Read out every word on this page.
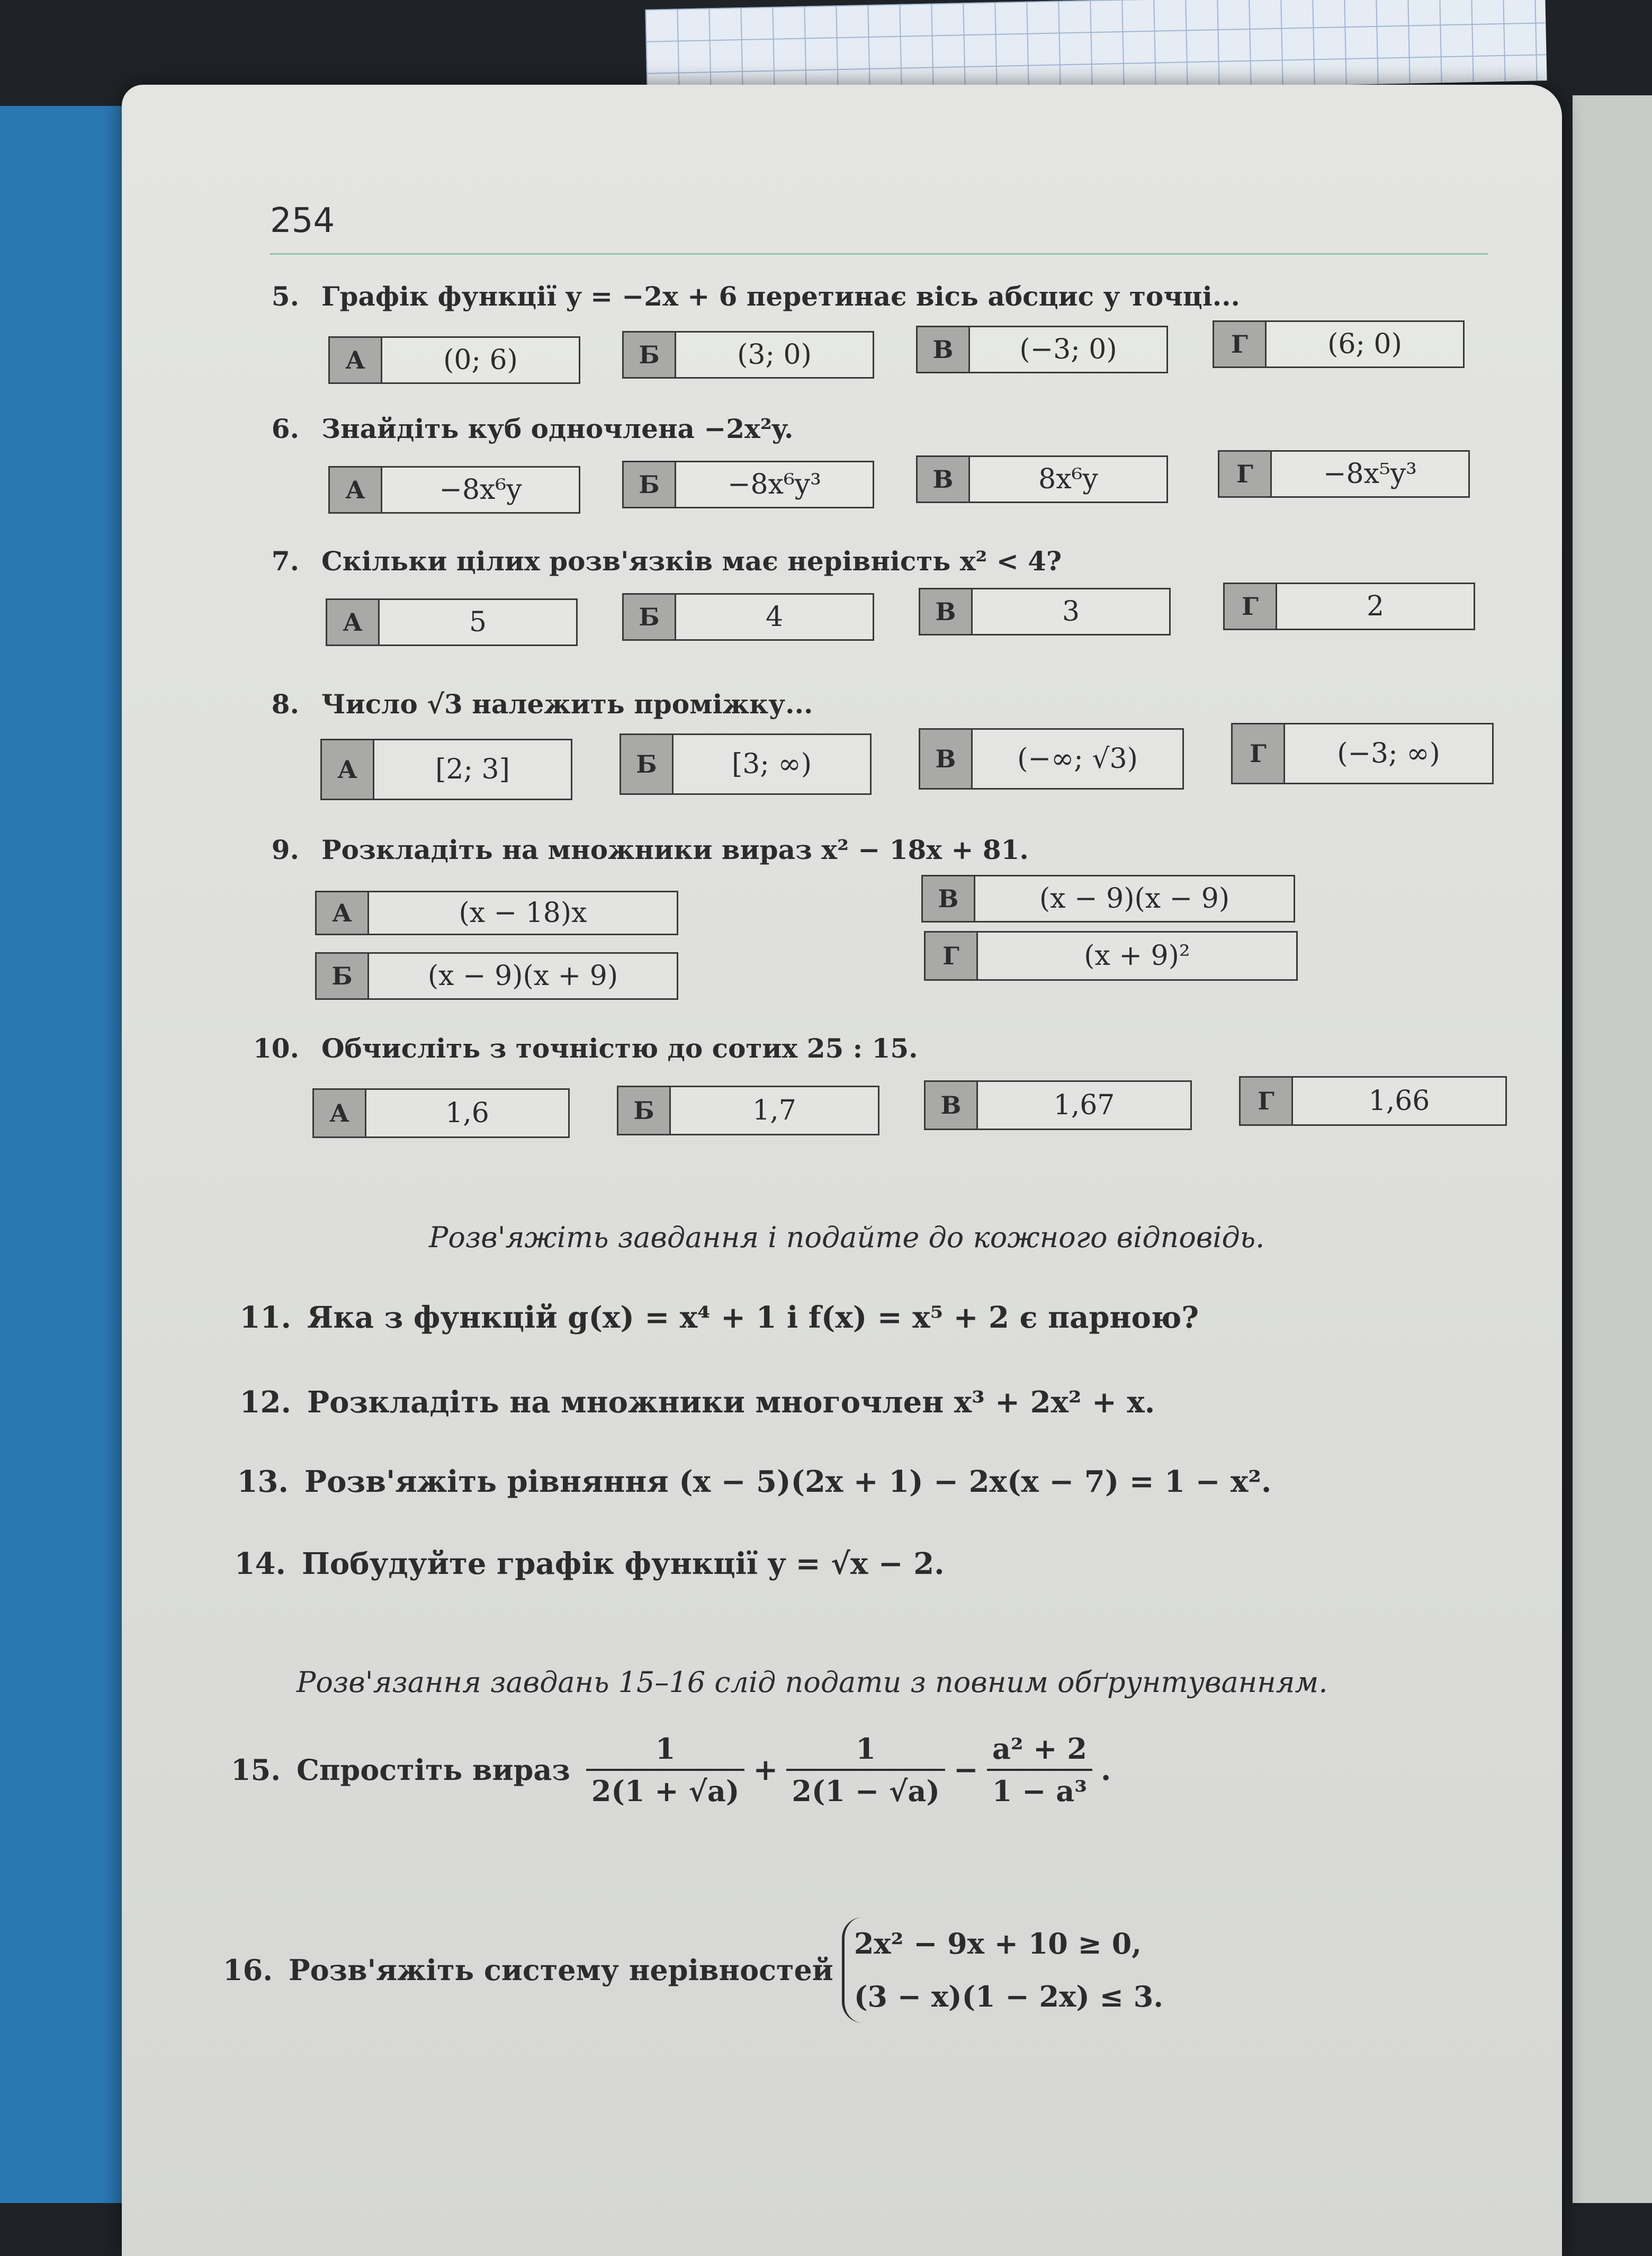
254
5. Графік функції y = −2x + 6 перетинає вісь абсцис у точці...
А	(0; 6)	Б	(3; 0)	В	(−3; 0)	Г	(6; 0)
6. Знайдіть куб одночлена −2x²y.
А	−8x⁶y	Б	−8x⁶y³	В	8x⁶y	Г	−8x⁵y³
7. Скільки цілих розв'язків має нерівність x² < 4?
А	5	Б	4	В	3	Г	2
8. Число √3 належить проміжку...
А	[2; 3]	Б	[3; ∞)	В	(−∞; √3)	Г	(−3; ∞)
9. Розкладіть на множники вираз x² − 18x + 81.
А	(x − 18)x
Б	(x − 9)(x + 9)
В	(x − 9)(x − 9)
Г	(x + 9)²
10. Обчисліть з точністю до сотих 25 : 15.
А	1,6	Б	1,7	В	1,67	Г	1,66
Розв'яжіть завдання і подайте до кожного відповідь.
11. Яка з функцій g(x) = x⁴ + 1 і f(x) = x⁵ + 2 є парною?
12. Розкладіть на множники многочлен x³ + 2x² + x.
13. Розв'яжіть рівняння (x − 5)(2x + 1) − 2x(x − 7) = 1 − x².
14. Побудуйте графік функції y = √x − 2.
Розв'язання завдань 15–16 слід подати з повним обґрунтуванням.
15. Спростіть вираз $\frac{1}{2(1 + √a)} + \frac{1}{2(1 - √a)} - \frac{\text{a² + 2}}{\text{1 − a³}}$ .
16. Розв'яжіть систему нерівностей
2x² − 9x + 10 ≥ 0,
(3 − x)(1 − 2x) ≤ 3.
